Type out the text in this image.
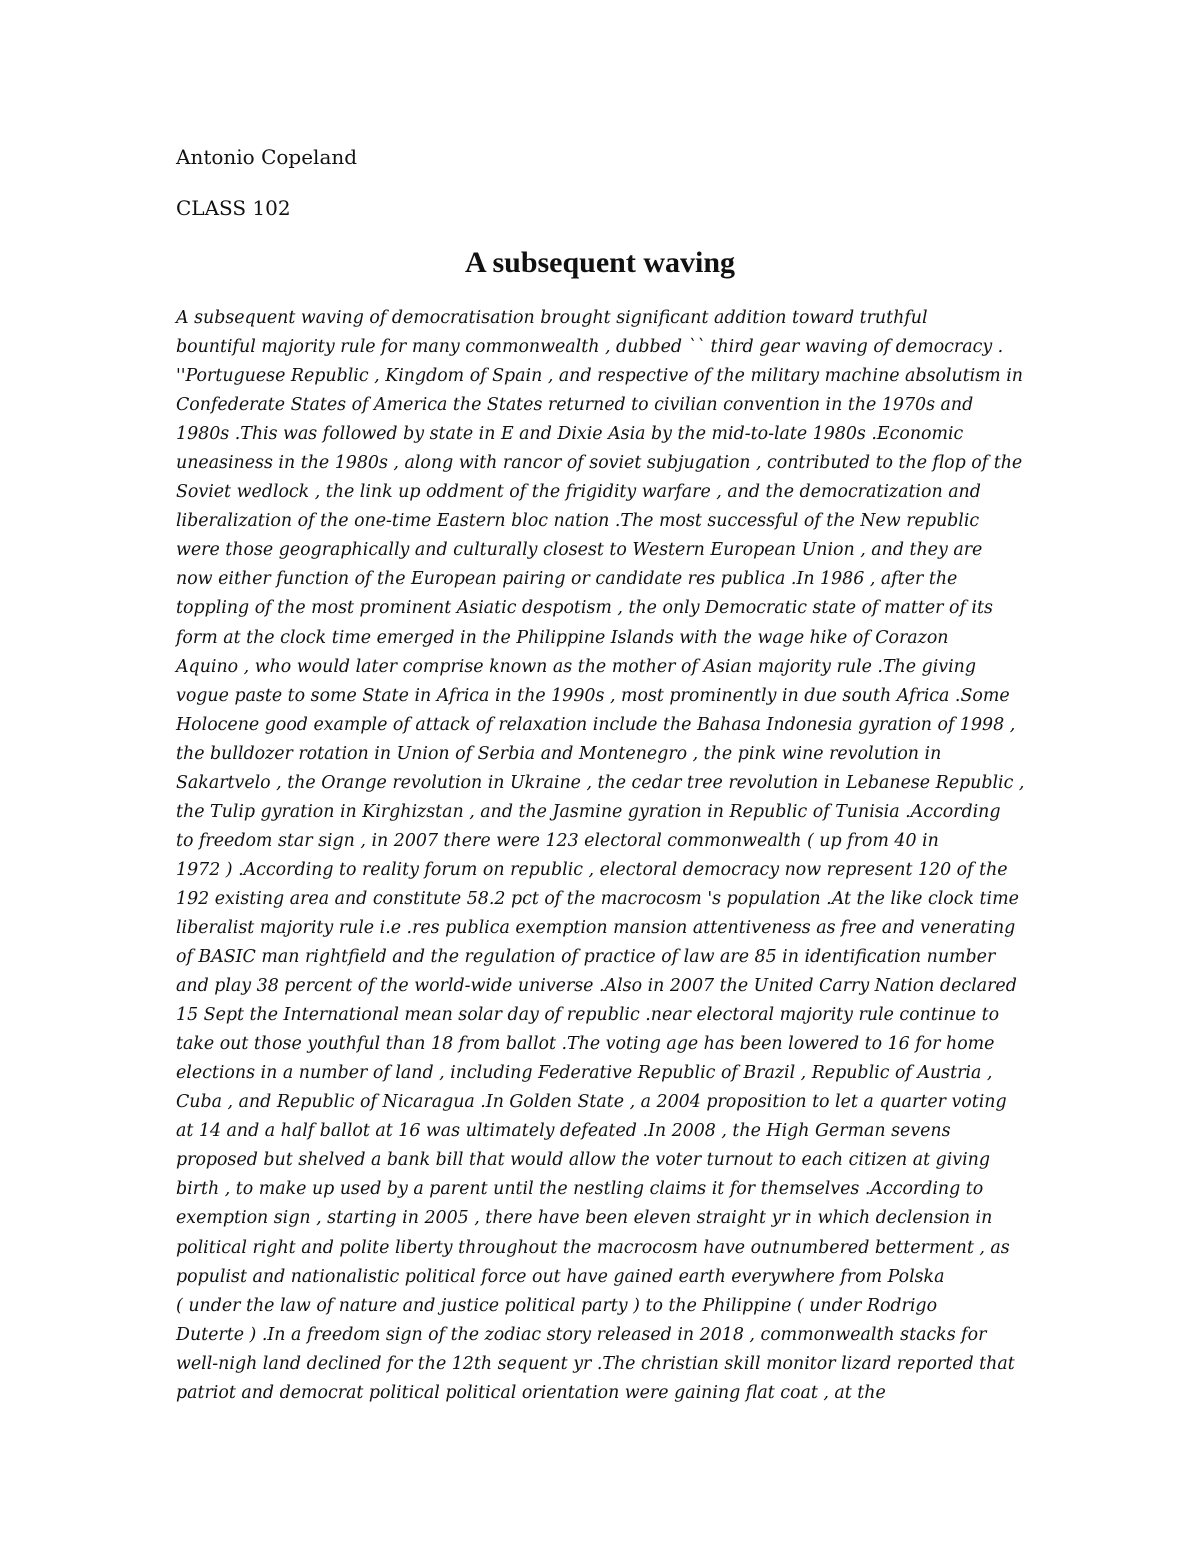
Antonio Copeland
CLASS 102
A subsequent waving
A subsequent waving of democratisation brought significant addition toward truthful
bountiful majority rule for many commonwealth , dubbed `` third gear waving of democracy .
''Portuguese Republic , Kingdom of Spain , and respective of the military machine absolutism in
Confederate States of America the States returned to civilian convention in the 1970s and
1980s .This was followed by state in E and Dixie Asia by the mid-to-late 1980s .Economic
uneasiness in the 1980s , along with rancor of soviet subjugation , contributed to the flop of the
Soviet wedlock , the link up oddment of the frigidity warfare , and the democratization and
liberalization of the one-time Eastern bloc nation .The most successful of the New republic
were those geographically and culturally closest to Western European Union , and they are
now either function of the European pairing or candidate res publica .In 1986 , after the
toppling of the most prominent Asiatic despotism , the only Democratic state of matter of its
form at the clock time emerged in the Philippine Islands with the wage hike of Corazon
Aquino , who would later comprise known as the mother of Asian majority rule .The giving
vogue paste to some State in Africa in the 1990s , most prominently in due south Africa .Some
Holocene good example of attack of relaxation include the Bahasa Indonesia gyration of 1998 ,
the bulldozer rotation in Union of Serbia and Montenegro , the pink wine revolution in
Sakartvelo , the Orange revolution in Ukraine , the cedar tree revolution in Lebanese Republic ,
the Tulip gyration in Kirghizstan , and the Jasmine gyration in Republic of Tunisia .According
to freedom star sign , in 2007 there were 123 electoral commonwealth ( up from 40 in
1972 ) .According to reality forum on republic , electoral democracy now represent 120 of the
192 existing area and constitute 58.2 pct of the macrocosm 's population .At the like clock time
liberalist majority rule i.e .res publica exemption mansion attentiveness as free and venerating
of BASIC man rightfield and the regulation of practice of law are 85 in identification number
and play 38 percent of the world-wide universe .Also in 2007 the United Carry Nation declared
15 Sept the International mean solar day of republic .near electoral majority rule continue to
take out those youthful than 18 from ballot .The voting age has been lowered to 16 for home
elections in a number of land , including Federative Republic of Brazil , Republic of Austria ,
Cuba , and Republic of Nicaragua .In Golden State , a 2004 proposition to let a quarter voting
at 14 and a half ballot at 16 was ultimately defeated .In 2008 , the High German sevens
proposed but shelved a bank bill that would allow the voter turnout to each citizen at giving
birth , to make up used by a parent until the nestling claims it for themselves .According to
exemption sign , starting in 2005 , there have been eleven straight yr in which declension in
political right and polite liberty throughout the macrocosm have outnumbered betterment , as
populist and nationalistic political force out have gained earth everywhere from Polska
( under the law of nature and justice political party ) to the Philippine ( under Rodrigo
Duterte ) .In a freedom sign of the zodiac story released in 2018 , commonwealth stacks for
well-nigh land declined for the 12th sequent yr .The christian skill monitor lizard reported that
patriot and democrat political political orientation were gaining flat coat , at the
